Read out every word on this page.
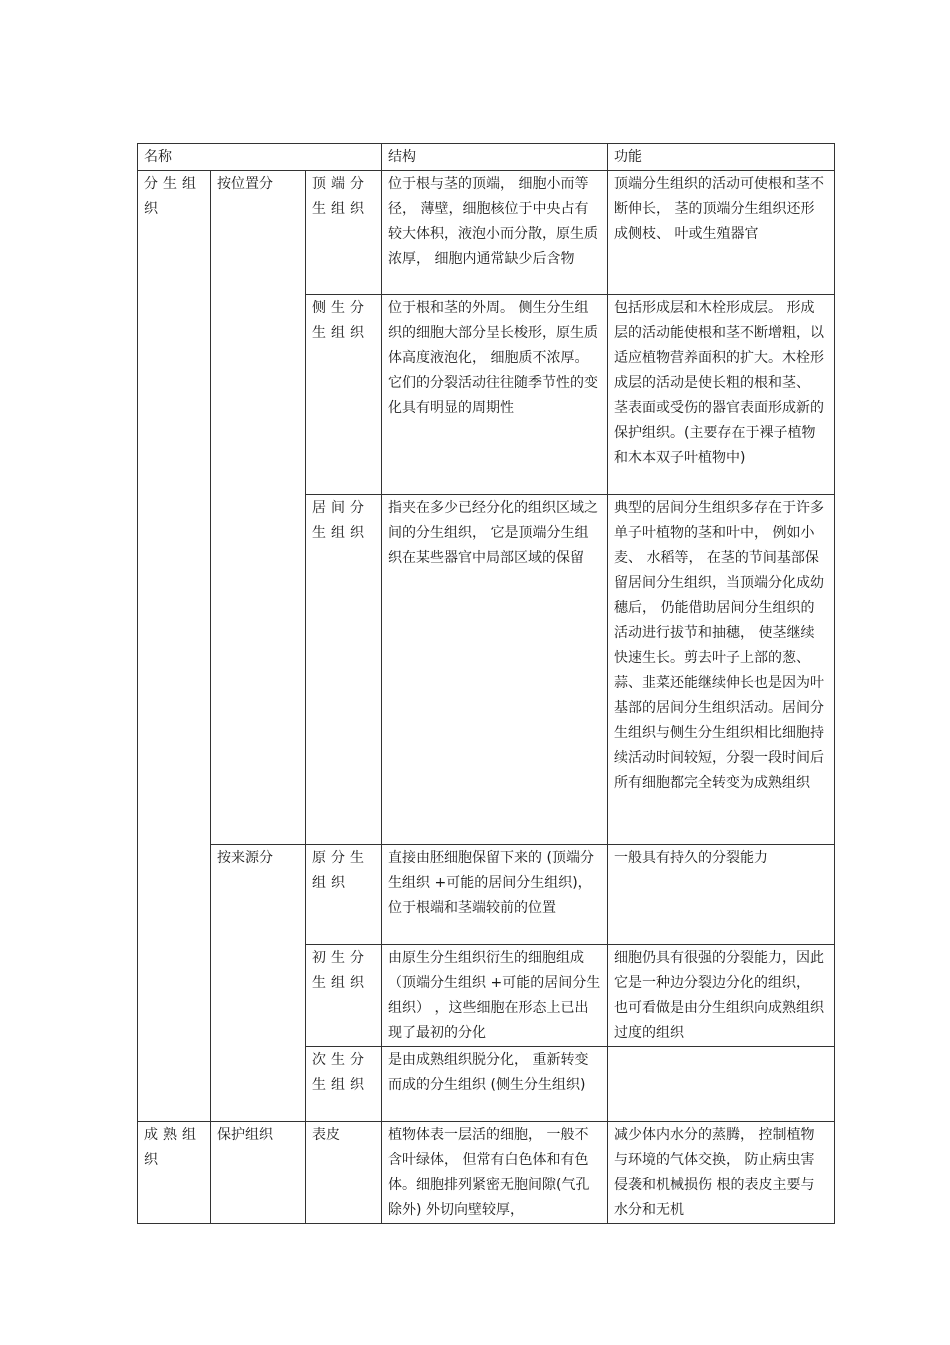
名称			结构	功能
分生组织	按位置分	顶端分生组织	位于根与茎的顶端， 细胞小而等径， 薄壁，细胞核位于中央占有较大体积，液泡小而分散，原生质浓厚， 细胞内通常缺少后含物	顶端分生组织的活动可使根和茎不断伸长， 茎的顶端分生组织还形成侧枝、 叶或生殖器官
		侧生分生组织	位于根和茎的外周。 侧生分生组织的细胞大部分呈长梭形，原生质体高度液泡化， 细胞质不浓厚。它们的分裂活动往往随季节性的变化具有明显的周期性	包括形成层和木栓形成层。 形成层的活动能使根和茎不断增粗，以适应植物营养面积的扩大。木栓形成层的活动是使长粗的根和茎、 茎表面或受伤的器官表面形成新的保护组织。(主要存在于裸子植物和木本双子叶植物中)
		居间分生组织	指夹在多少已经分化的组织区域之间的分生组织， 它是顶端分生组织在某些器官中局部区域的保留	典型的居间分生组织多存在于许多单子叶植物的茎和叶中， 例如小麦、 水稻等， 在茎的节间基部保留居间分生组织，当顶端分化成幼穗后， 仍能借助居间分生组织的活动进行拔节和抽穗， 使茎继续快速生长。剪去叶子上部的葱、蒜、韭菜还能继续伸长也是因为叶基部的居间分生组织活动。居间分生组织与侧生分生组织相比细胞持续活动时间较短，分裂一段时间后所有细胞都完全转变为成熟组织
	按来源分	原分生组织	直接由胚细胞保留下来的 (顶端分生组织 +可能的居间分生组织)，位于根端和茎端较前的位置	一般具有持久的分裂能力
		初生分生组织	由原生分生组织衍生的细胞组成（顶端分生组织 +可能的居间分生组织） ，这些细胞在形态上已出现了最初的分化	细胞仍具有很强的分裂能力，因此它是一种边分裂边分化的组织， 也可看做是由分生组织向成熟组织过度的组织
		次生分生组织	是由成熟组织脱分化， 重新转变而成的分生组织 (侧生分生组织)	
成熟组织	保护组织	表皮	植物体表一层活的细胞， 一般不含叶绿体， 但常有白色体和有色体。细胞排列紧密无胞间隙(气孔除外) 外切向壁较厚，	减少体内水分的蒸腾， 控制植物与环境的气体交换， 防止病虫害侵袭和机械损伤 根的表皮主要与水分和无机
